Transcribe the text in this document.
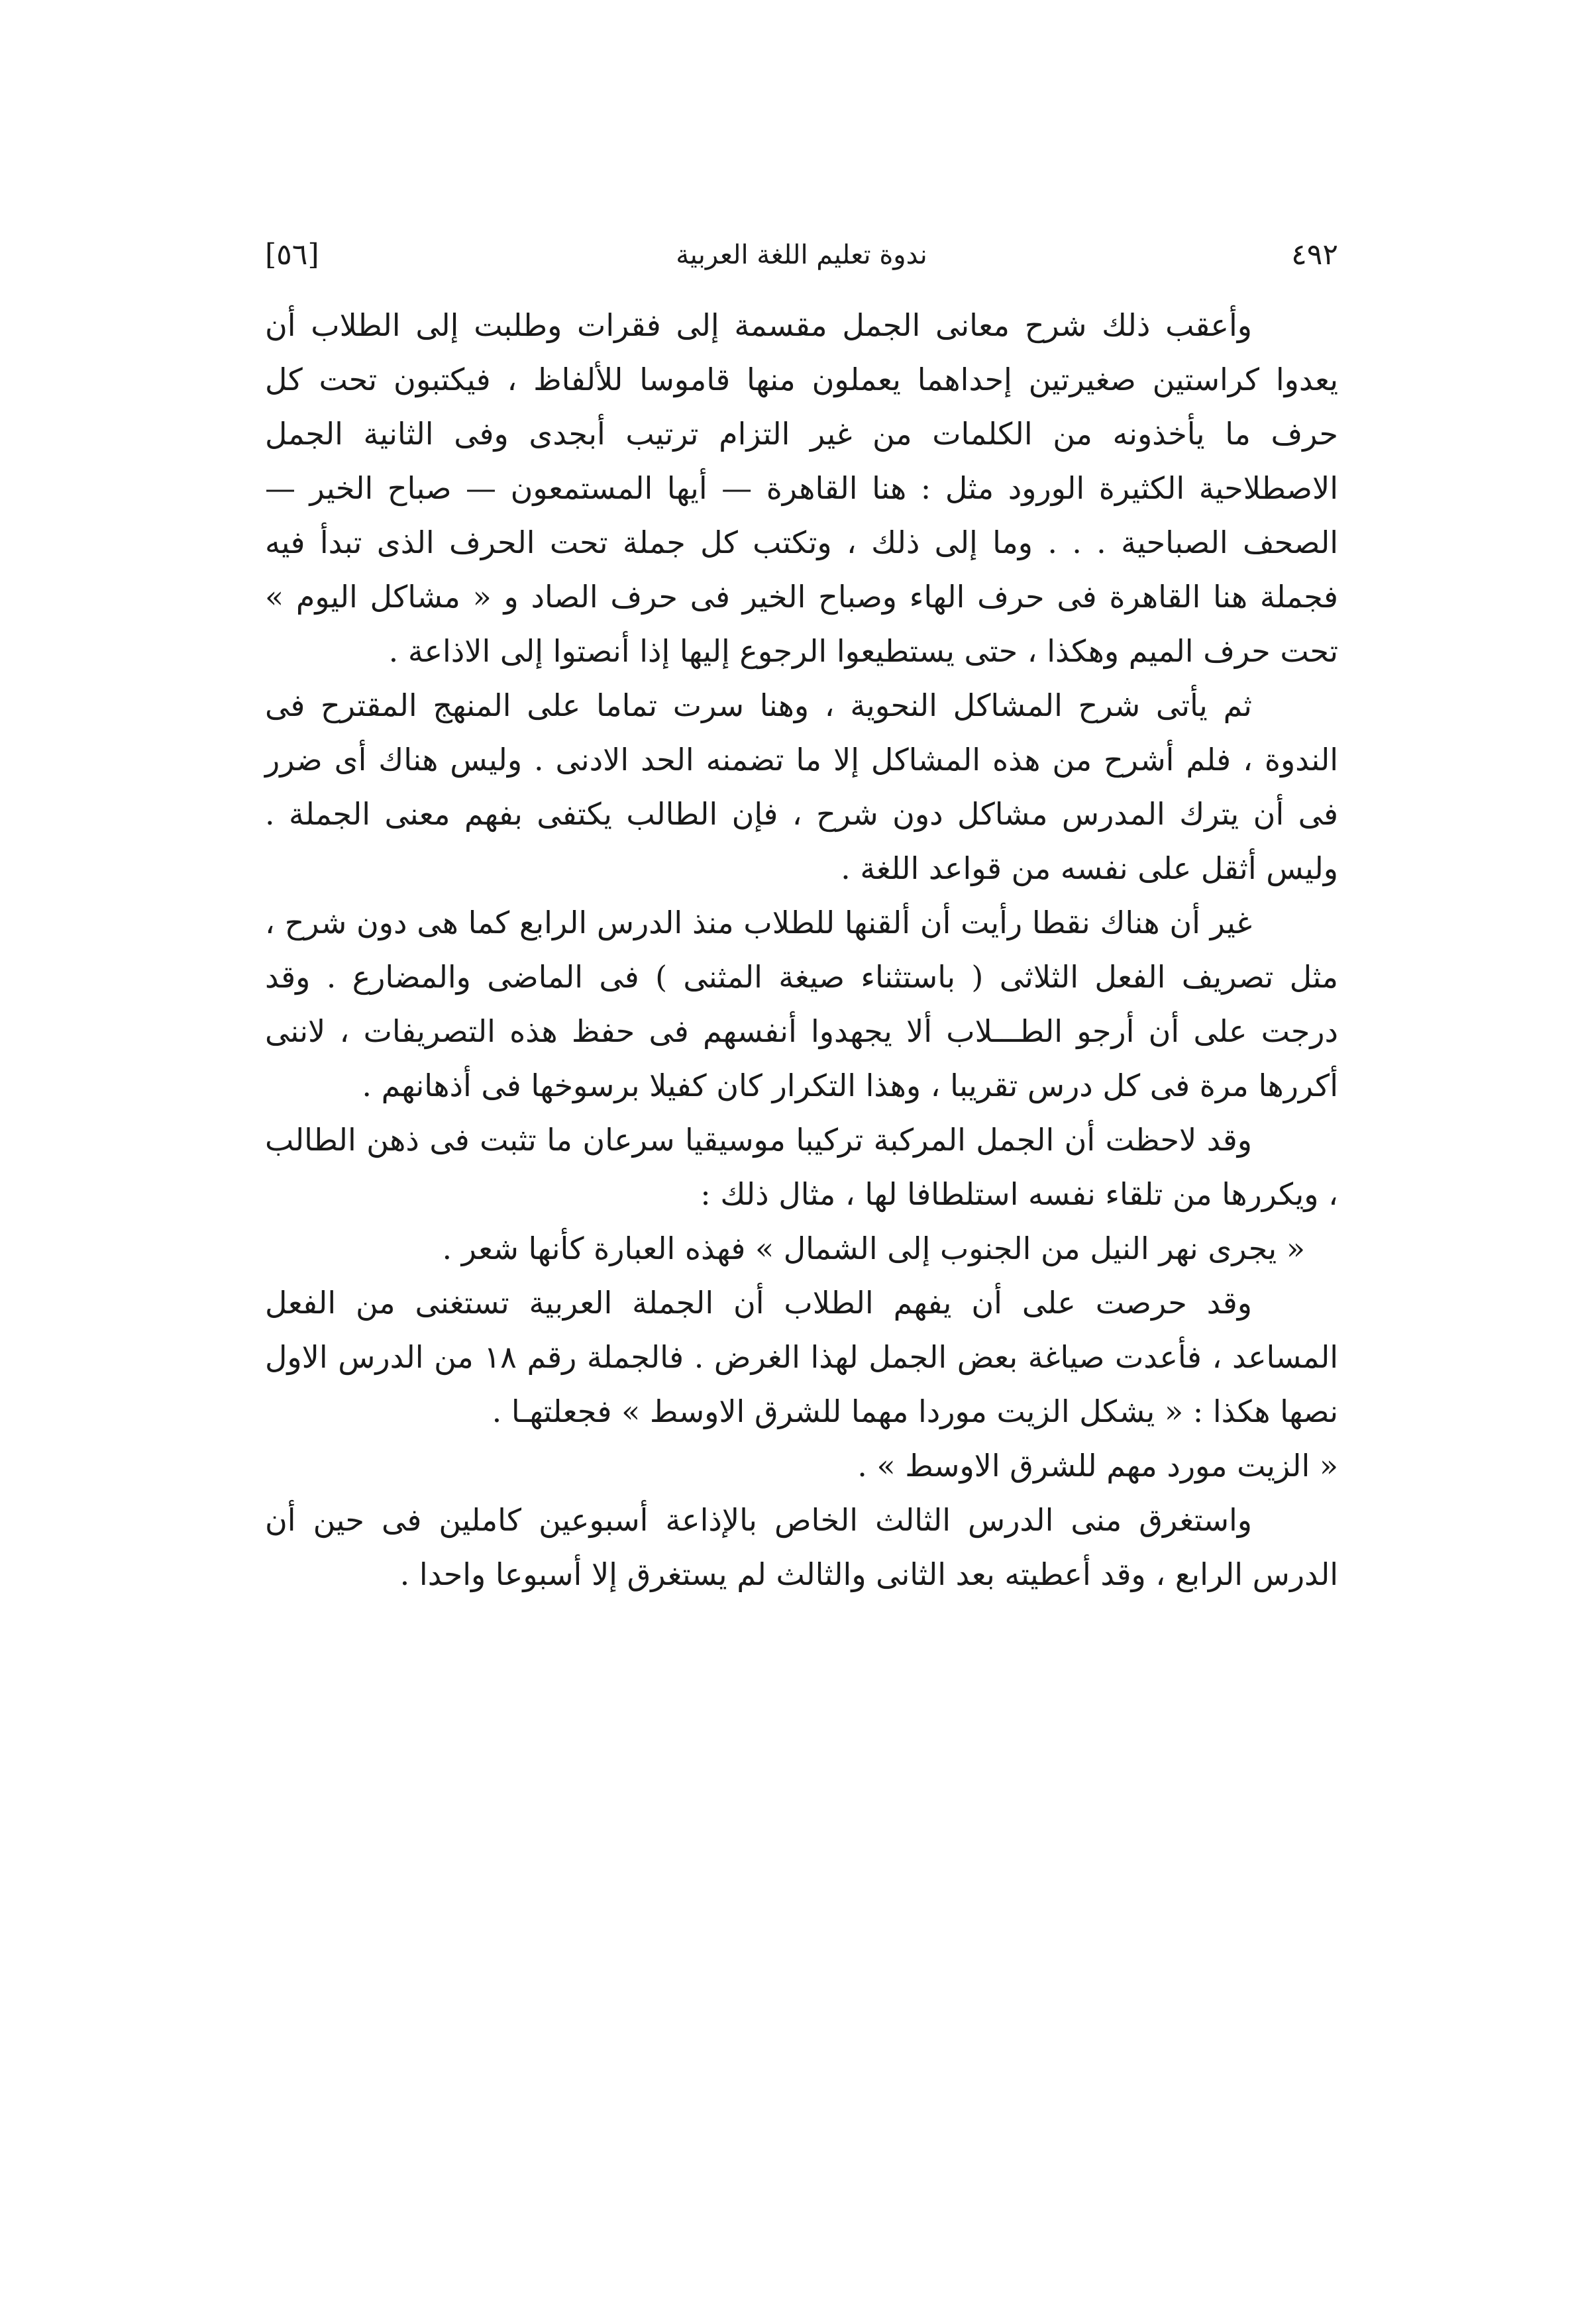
٤٩٢
ندوة تعليم اللغة العربية
[٥٦]

وأعقب ذلك شرح معانى الجمل مقسمة إلى فقرات وطلبت إلى الطلاب أن يعدوا كراستين صغيرتين إحداهما يعملون منها قاموسا للألفاظ ، فيكتبون تحت كل حرف ما يأخذونه من الكلمات من غير التزام ترتيب أبجدى وفى الثانية الجمل الاصطلاحية الكثيرة الورود مثل : هنا القاهرة — أيها المستمعون — صباح الخير — الصحف الصباحية . . . وما إلى ذلك ، وتكتب كل جملة تحت الحرف الذى تبدأ فيه فجملة هنا القاهرة فى حرف الهاء وصباح الخير فى حرف الصاد و « مشاكل اليوم » تحت حرف الميم وهكذا ، حتى يستطيعوا الرجوع إليها إذا أنصتوا إلى الاذاعة .

ثم يأتى شرح المشاكل النحوية ، وهنا سرت تماما على المنهج المقترح فى الندوة ، فلم أشرح من هذه المشاكل إلا ما تضمنه الحد الادنى . وليس هناك أى ضرر فى أن يترك المدرس مشاكل دون شرح ، فإن الطالب يكتفى بفهم معنى الجملة . وليس أثقل على نفسه من قواعد اللغة .

غير أن هناك نقطا رأيت أن ألقنها للطلاب منذ الدرس الرابع كما هى دون شرح ، مثل تصريف الفعل الثلاثى ( باستثناء صيغة المثنى ) فى الماضى والمضارع . وقد درجت على أن أرجو الطـــلاب ألا يجهدوا أنفسهم فى حفظ هذه التصريفات ، لاننى أكررها مرة فى كل درس تقريبا ، وهذا التكرار كان كفيلا برسوخها فى أذهانهم .

وقد لاحظت أن الجمل المركبة تركيبا موسيقيا سرعان ما تثبت فى ذهن الطالب ، ويكررها من تلقاء نفسه استلطافا لها ، مثال ذلك :

« يجرى نهر النيل من الجنوب إلى الشمال » فهذه العبارة كأنها شعر .

وقد حرصت على أن يفهم الطلاب أن الجملة العربية تستغنى من الفعل المساعد ، فأعدت صياغة بعض الجمل لهذا الغرض . فالجملة رقم ١٨ من الدرس الاول نصها هكذا : « يشكل الزيت موردا مهما للشرق الاوسط » فجعلتهـا .

« الزيت مورد مهم للشرق الاوسط » .

واستغرق منى الدرس الثالث الخاص بالإذاعة أسبوعين كاملين فى حين أن الدرس الرابع ، وقد أعطيته بعد الثانى والثالث لم يستغرق إلا أسبوعا واحدا .
